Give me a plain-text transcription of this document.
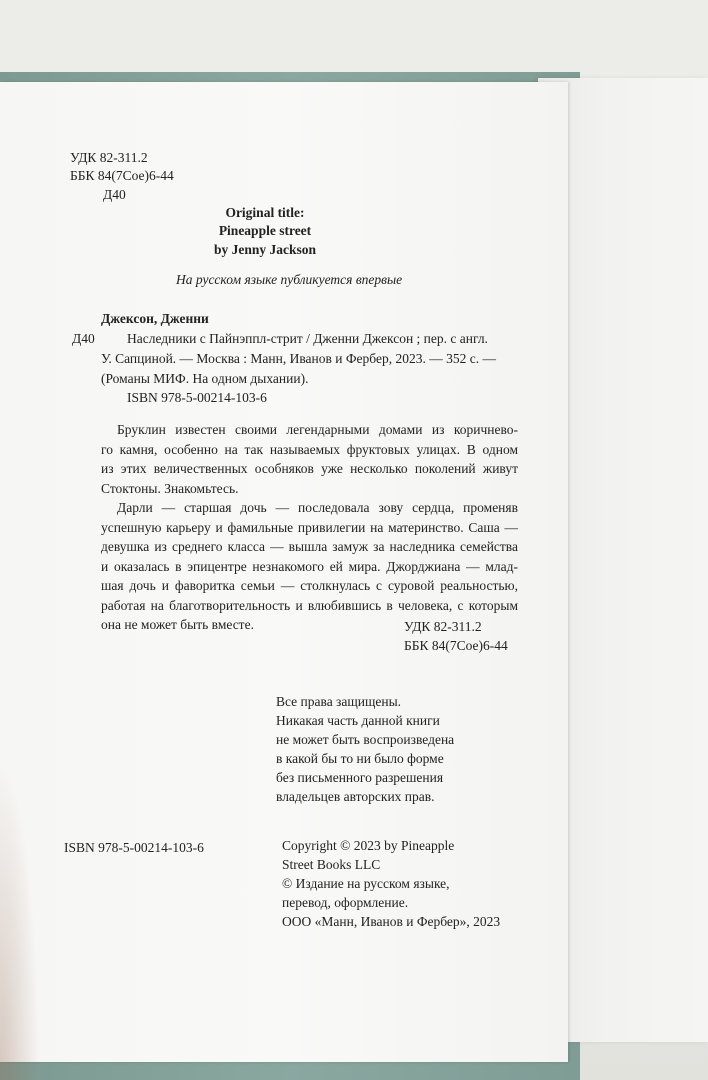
УДК 82-311.2
ББК 84(7Сое)6-44
Д40
Original title:
Pineapple street
by Jenny Jackson
На русском языке публикуется впервые
Джексон, Дженни
Д40 Наследники с Пайнэппл-стрит / Дженни Джексон ; пер. с англ.
У. Сапциной. — Москва : Манн, Иванов и Фербер, 2023. — 352 с. —
(Романы МИФ. На одном дыхании).
ISBN 978-5-00214-103-6
Бруклин известен своими легендарными домами из коричнево-
го камня, особенно на так называемых фруктовых улицах. В одном
из этих величественных особняков уже несколько поколений живут
Стоктоны. Знакомьтесь.
Дарли — старшая дочь — последовала зову сердца, променяв
успешную карьеру и фамильные привилегии на материнство. Саша —
девушка из среднего класса — вышла замуж за наследника семейства
и оказалась в эпицентре незнакомого ей мира. Джорджиана — млад-
шая дочь и фаворитка семьи — столкнулась с суровой реальностью,
работая на благотворительность и влюбившись в человека, с которым
она не может быть вместе.	УДК 82-311.2
ББК 84(7Сое)6-44
Все права защищены.
Никакая часть данной книги
не может быть воспроизведена
в какой бы то ни было форме
без письменного разрешения
владельцев авторских прав.
ISBN 978-5-00214-103-6	Copyright © 2023 by Pineapple
Street Books LLC
© Издание на русском языке,
перевод, оформление.
ООО «Манн, Иванов и Фербер», 2023
